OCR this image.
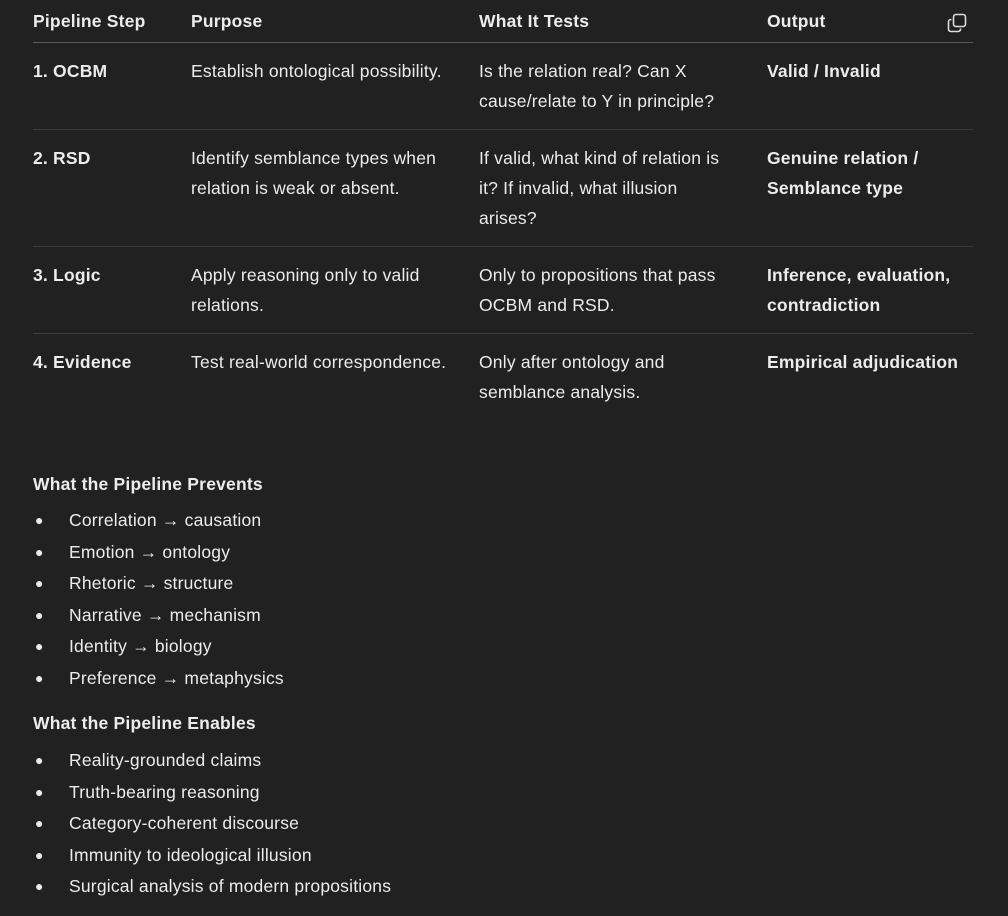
Pipeline Step	Purpose	What It Tests	Output

1. OCBM	Establish ontological possibility.	Is the relation real? Can X cause/relate to Y in principle?	Valid / Invalid
2. RSD	Identify semblance types when relation is weak or absent.	If valid, what kind of relation is it? If invalid, what illusion arises?	Genuine relation / Semblance type
3. Logic	Apply reasoning only to valid relations.	Only to propositions that pass OCBM and RSD.	Inference, evaluation, contradiction
4. Evidence	Test real-world correspondence.	Only after ontology and semblance analysis.	Empirical adjudication
What the Pipeline Prevents
● Correlation → causation
● Emotion → ontology
● Rhetoric → structure
● Narrative → mechanism
● Identity → biology
● Preference → metaphysics
What the Pipeline Enables
● Reality-grounded claims
● Truth-bearing reasoning
● Category-coherent discourse
● Immunity to ideological illusion
● Surgical analysis of modern propositions
